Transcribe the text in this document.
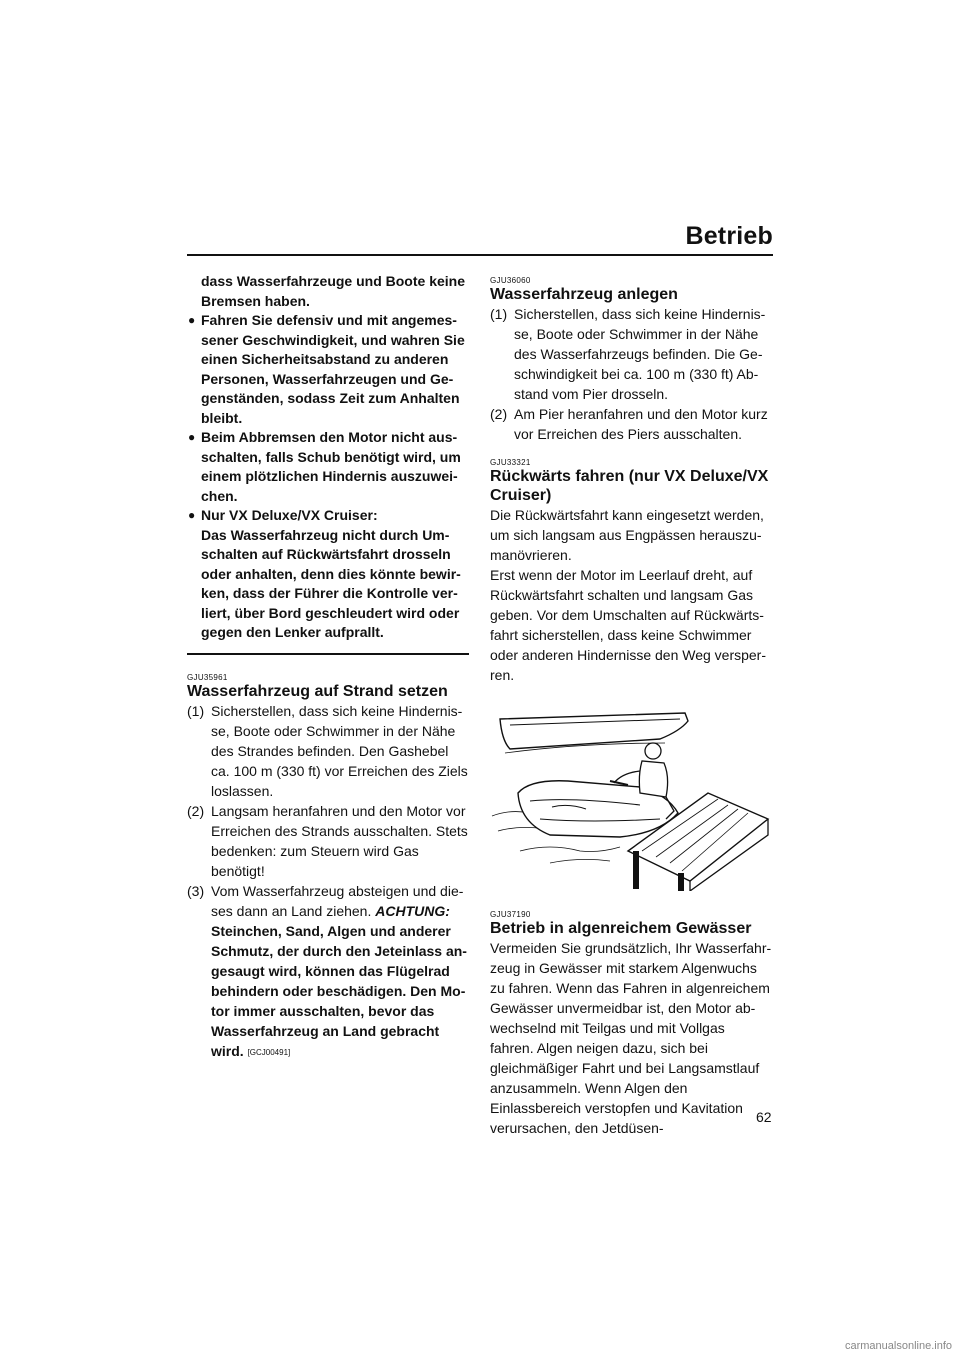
Betrieb
dass Wasserfahrzeuge und Boote keine Bremsen haben.
● Fahren Sie defensiv und mit angemes-sener Geschwindigkeit, und wahren Sie einen Sicherheitsabstand zu anderen Personen, Wasserfahrzeugen und Ge-genständen, sodass Zeit zum Anhalten bleibt.
● Beim Abbremsen den Motor nicht aus-schalten, falls Schub benötigt wird, um einem plötzlichen Hindernis auszuwei-chen.
● Nur VX Deluxe/VX Cruiser:
Das Wasserfahrzeug nicht durch Um-schalten auf Rückwärtsfahrt drosseln oder anhalten, denn dies könnte bewir-ken, dass der Führer die Kontrolle ver-liert, über Bord geschleudert wird oder gegen den Lenker aufprallt.
GJU35961
Wasserfahrzeug auf Strand setzen
(1) Sicherstellen, dass sich keine Hindernis-se, Boote oder Schwimmer in der Nähe des Strandes befinden. Den Gashebel ca. 100 m (330 ft) vor Erreichen des Ziels loslassen.
(2) Langsam heranfahren und den Motor vor Erreichen des Strands ausschalten. Stets bedenken: zum Steuern wird Gas benötigt!
(3) Vom Wasserfahrzeug absteigen und die-ses dann an Land ziehen. ACHTUNG: Steinchen, Sand, Algen und anderer Schmutz, der durch den Jeteinlass an-gesaugt wird, können das Flügelrad behindern oder beschädigen. Den Mo-tor immer ausschalten, bevor das Wasserfahrzeug an Land gebracht wird. [GCJ00491]
GJU36060
Wasserfahrzeug anlegen
(1) Sicherstellen, dass sich keine Hindernis-se, Boote oder Schwimmer in der Nähe des Wasserfahrzeugs befinden. Die Ge-schwindigkeit bei ca. 100 m (330 ft) Ab-stand vom Pier drosseln.
(2) Am Pier heranfahren und den Motor kurz vor Erreichen des Piers ausschalten.
GJU33321
Rückwärts fahren (nur VX Deluxe/VX Cruiser)
Die Rückwärtsfahrt kann eingesetzt werden, um sich langsam aus Engpässen herauszu-manövrieren.
Erst wenn der Motor im Leerlauf dreht, auf Rückwärtsfahrt schalten und langsam Gas geben. Vor dem Umschalten auf Rückwärts-fahrt sicherstellen, dass keine Schwimmer oder anderen Hindernisse den Weg versper-ren.
GJU37190
Betrieb in algenreichem Gewässer
Vermeiden Sie grundsätzlich, Ihr Wasserfahr-zeug in Gewässer mit starkem Algenwuchs zu fahren. Wenn das Fahren in algenreichem Gewässer unvermeidbar ist, den Motor ab-wechselnd mit Teilgas und mit Vollgas fahren. Algen neigen dazu, sich bei gleichmäßiger Fahrt und bei Langsamstlauf anzusammeln. Wenn Algen den Einlassbereich verstopfen und Kavitation verursachen, den Jetdüsen-
62
carmanualsonline.info
